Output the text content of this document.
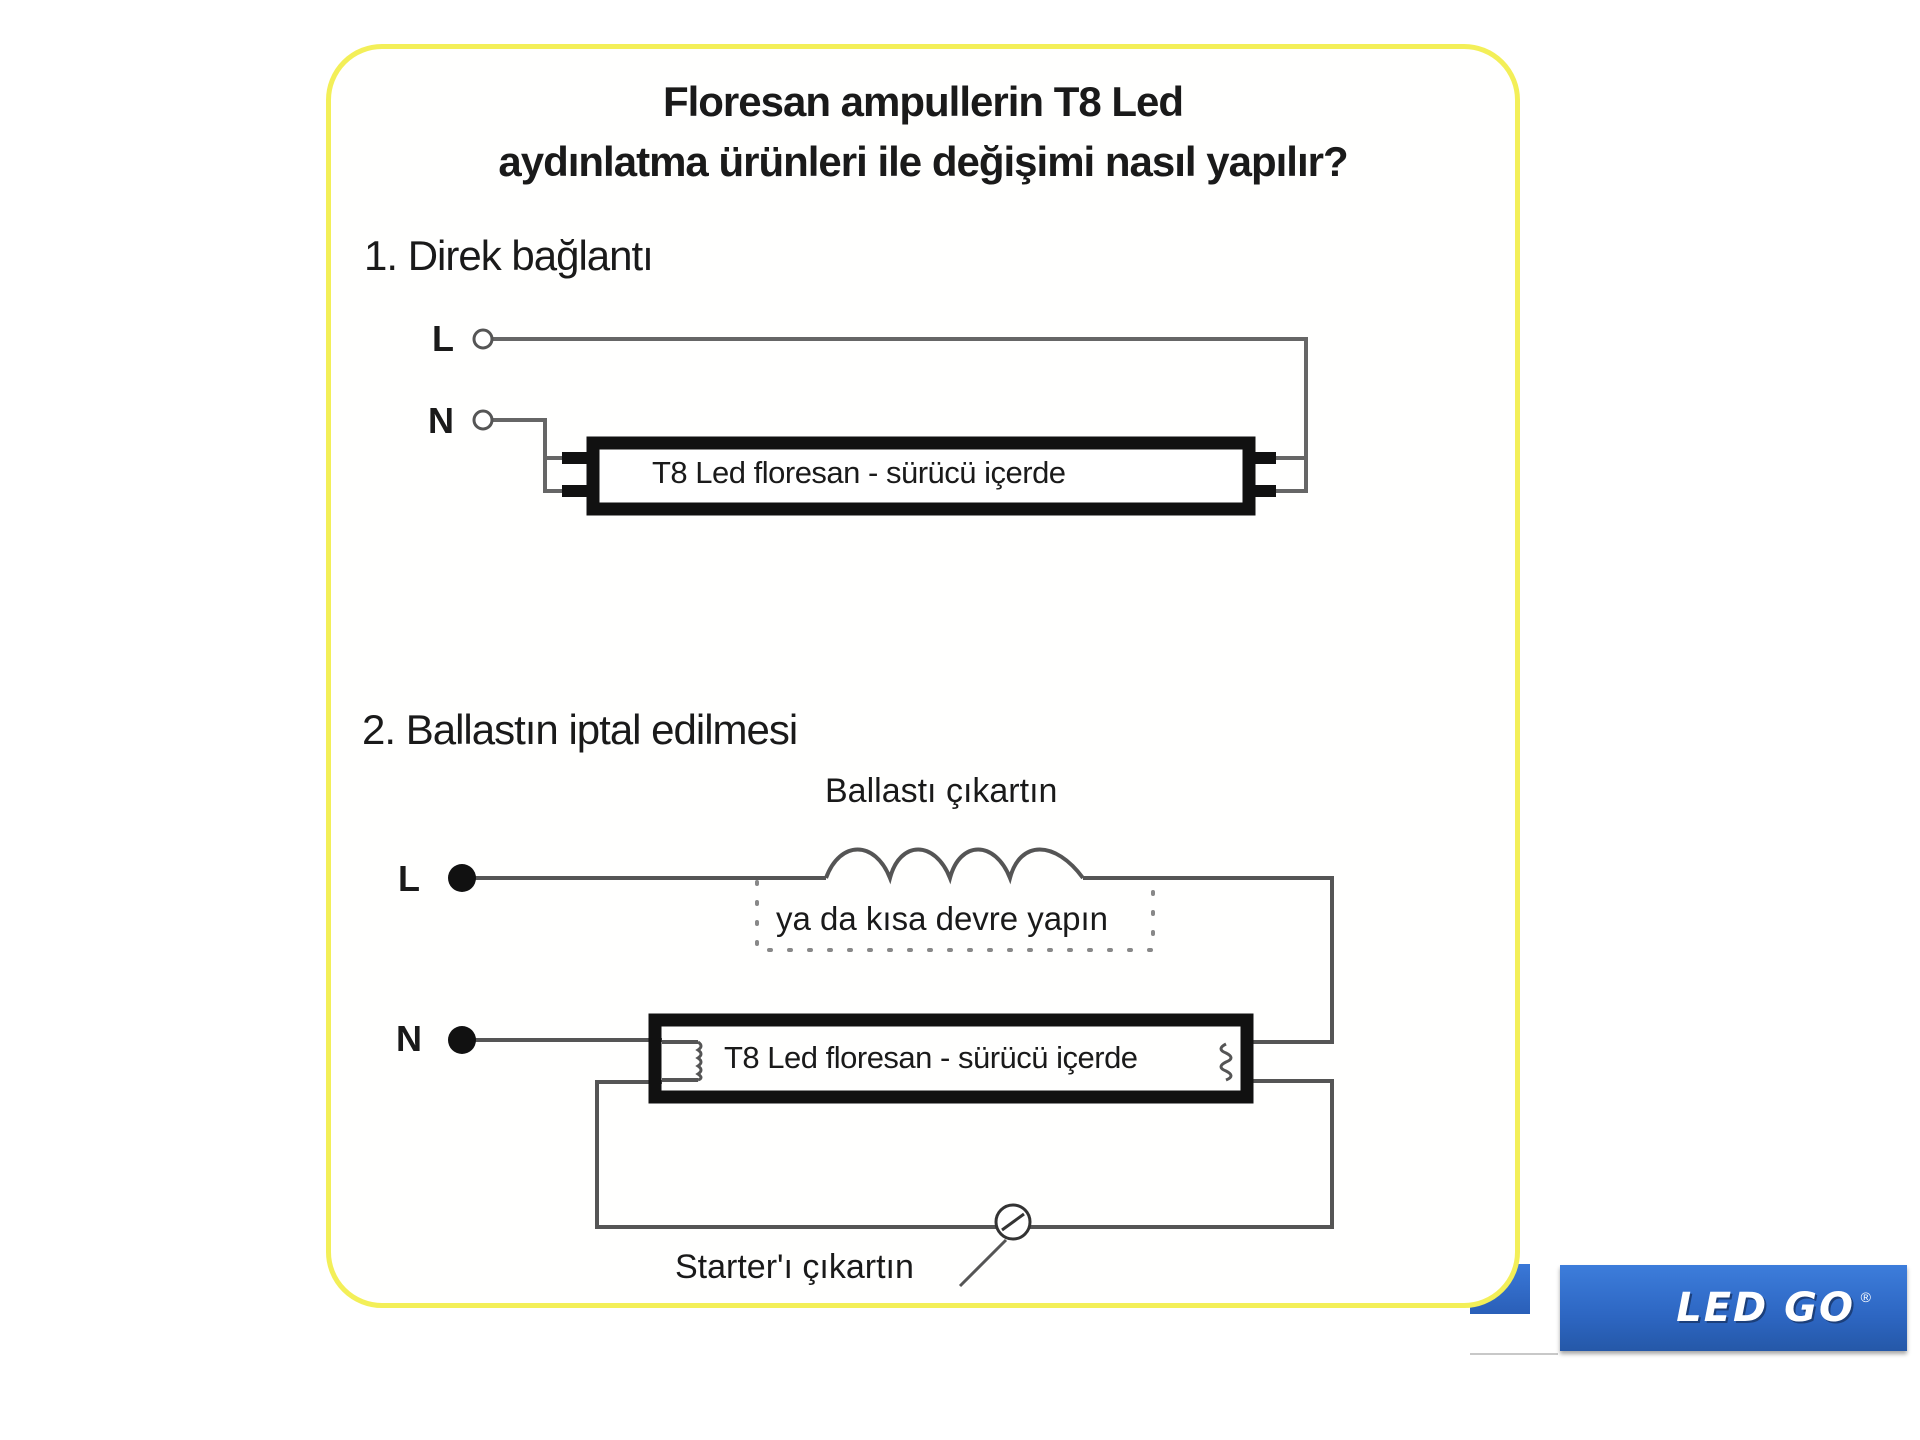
Floresan ampullerin T8 Led
aydınlatma ürünleri ile değişimi nasıl yapılır?
1. Direk bağlantı
L
N
T8 Led floresan - sürücü içerde
2. Ballastın iptal edilmesi
Ballastı çıkartın
ya da kısa devre yapın
L
N	T8 Led floresan - sürücü içerde
Starter'ı çıkartın
LED GO ®
